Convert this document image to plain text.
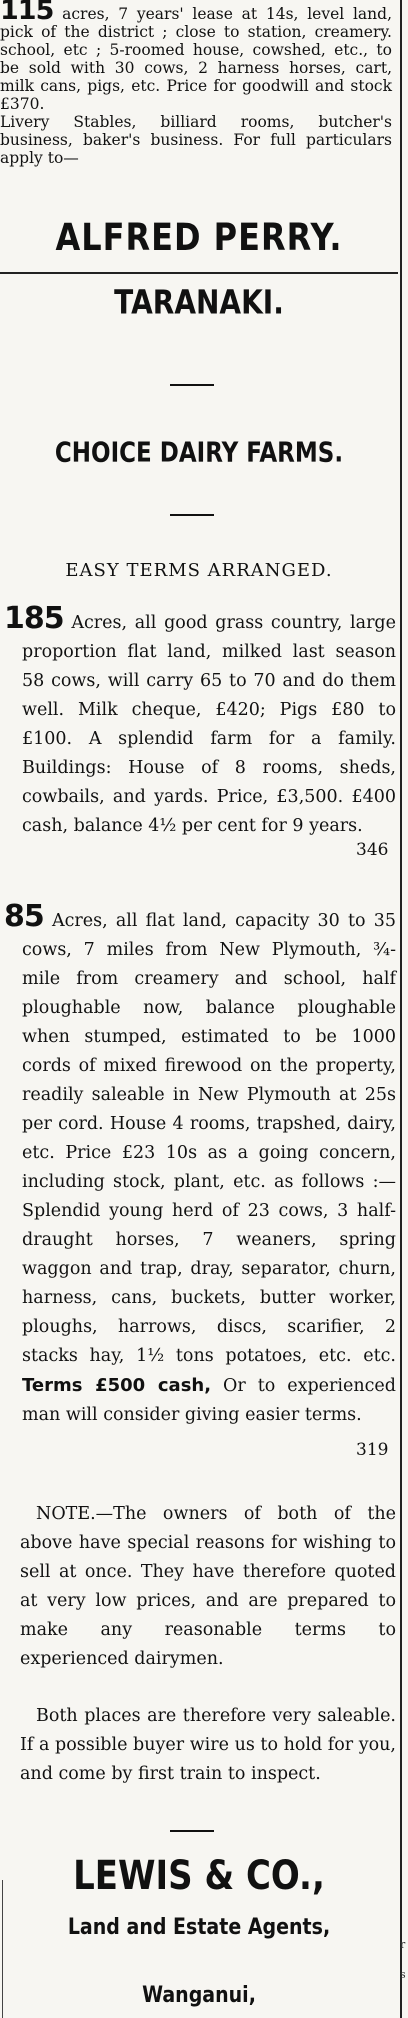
115 acres, 7 years' lease at 14s, level land, pick of the district ; close to station, creamery. school, etc ; 5-roomed house, cowshed, etc., to be sold with 30 cows, 2 harness horses, cart, milk cans, pigs, etc. Price for goodwill and stock £370.

Livery Stables, billiard rooms, butcher's business, baker's business. For full particulars apply to—

ALFRED PERRY.
TARANAKI.
CHOICE DAIRY FARMS.
EASY TERMS ARRANGED.

185 Acres, all good grass country, large proportion flat land, milked last season 58 cows, will carry 65 to 70 and do them well. Milk cheque, £420; Pigs £80 to £100. A splendid farm for a family. Buildings: House of 8 rooms, sheds, cowbails, and yards. Price, £3,500. £400 cash, balance 4½ per cent for 9 years.

346

85 Acres, all flat land, capacity 30 to 35 cows, 7 miles from New Plymouth, ¾-mile from creamery and school, half ploughable now, balance ploughable when stumped, estimated to be 1000 cords of mixed firewood on the property, readily saleable in New Plymouth at 25s per cord. House 4 rooms, trapshed, dairy, etc. Price £23 10s as a going concern, including stock, plant, etc. as follows :—Splendid young herd of 23 cows, 3 half-draught horses, 7 weaners, spring waggon and trap, dray, separator, churn, harness, cans, buckets, butter worker, ploughs, harrows, discs, scarifier, 2 stacks hay, 1½ tons potatoes, etc. etc. Terms £500 cash, Or to experienced man will consider giving easier terms.

319
NOTE.—The owners of both of the above have special reasons for wishing to sell at once. They have therefore quoted at very low prices, and are prepared to make any reasonable terms to experienced dairymen.
Both places are therefore very saleable. If a possible buyer wire us to hold for you, and come by first train to inspect.
LEWIS & CO.,
Land and Estate Agents,
Wanganui,
r
s
